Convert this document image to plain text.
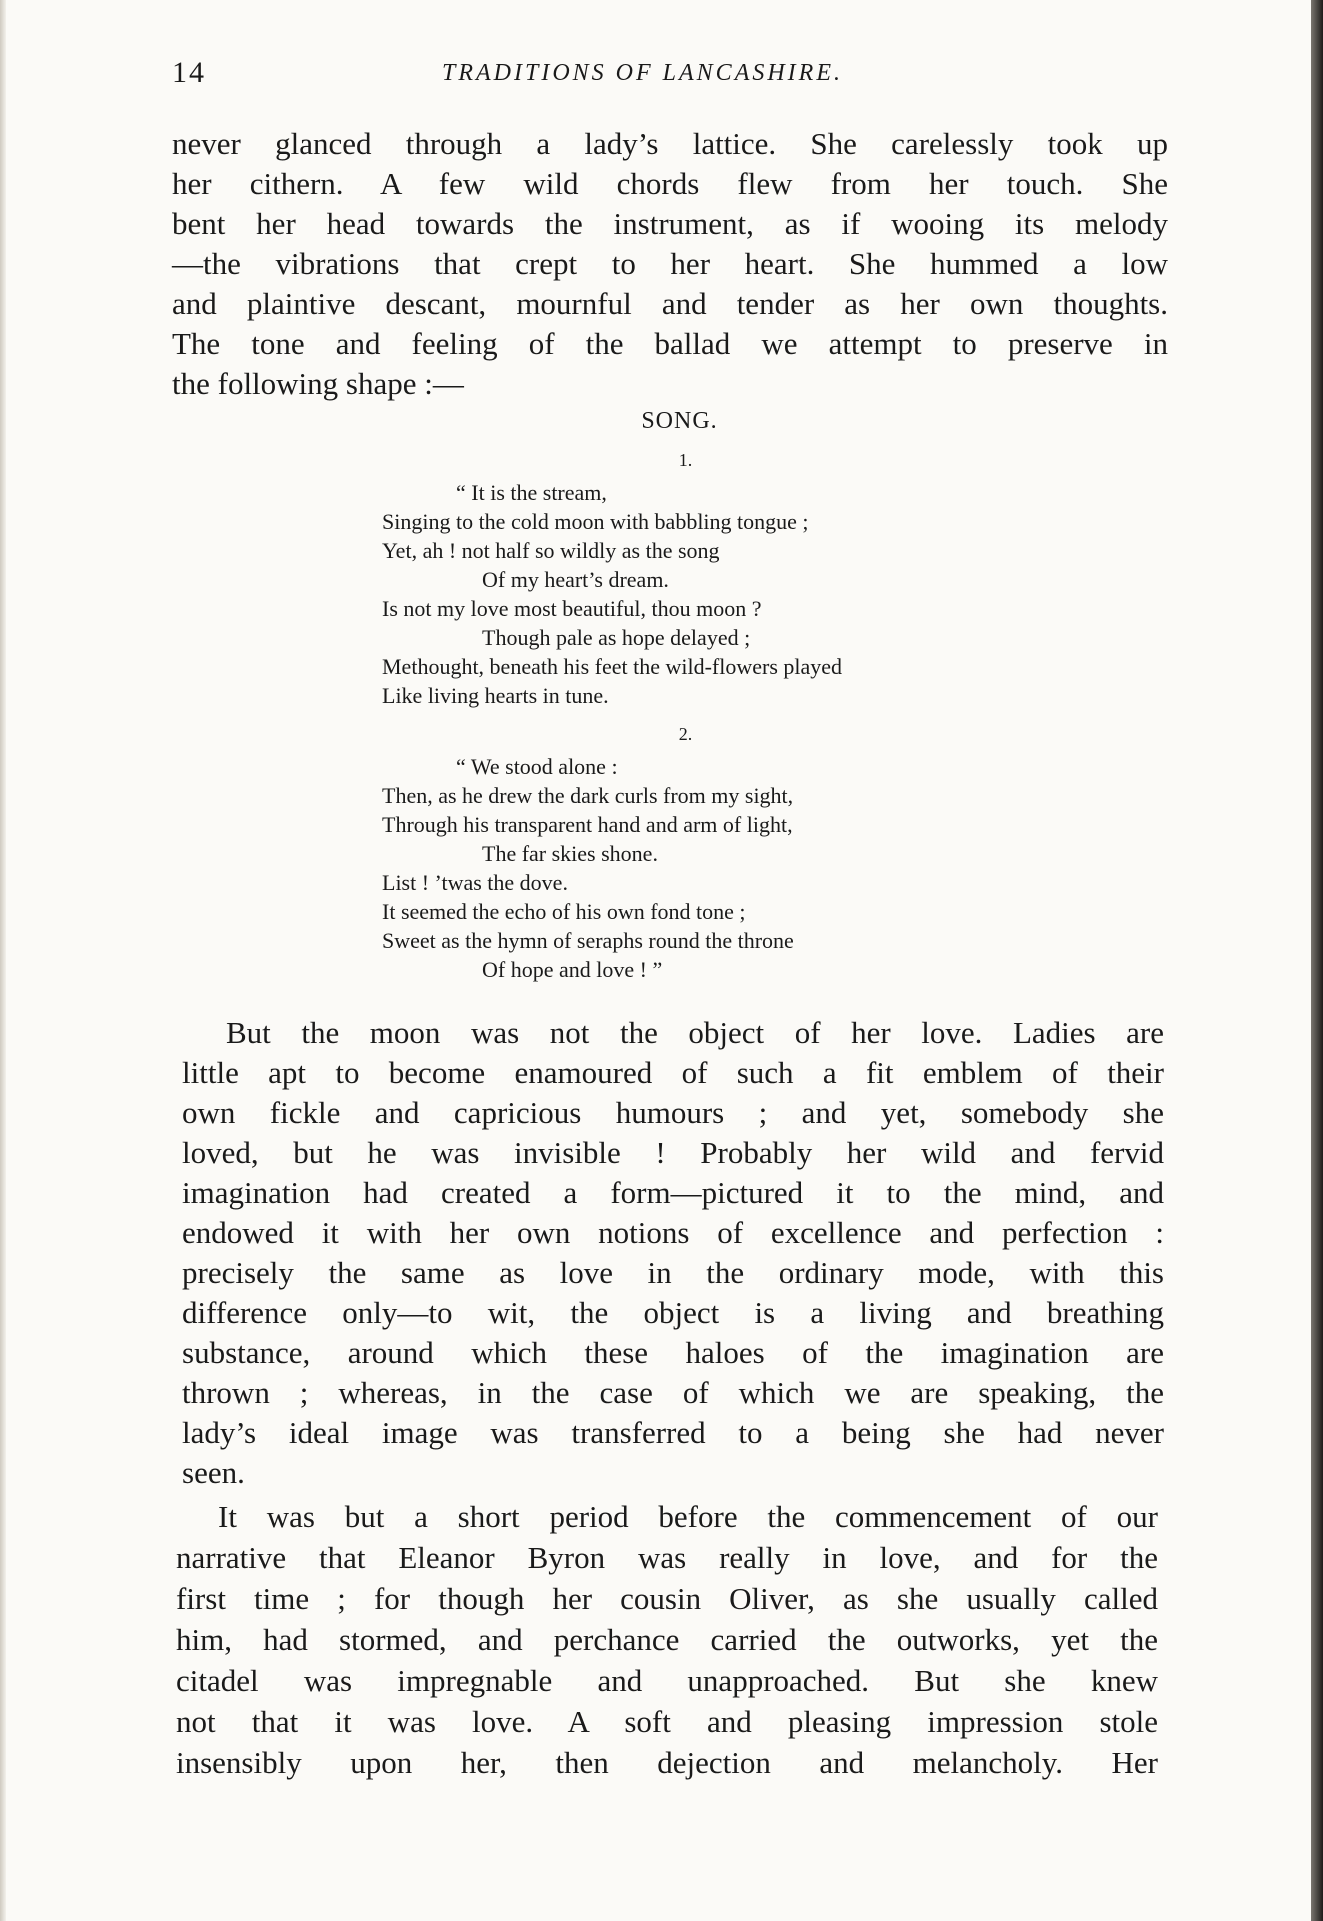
14	TRADITIONS OF LANCASHIRE.

never glanced through a lady’s lattice. She carelessly took up

her cithern. A few wild chords flew from her touch. She

bent her head towards the instrument, as if wooing its melody

—the vibrations that crept to her heart. She hummed a low

and plaintive descant, mournful and tender as her own thoughts.

The tone and feeling of the ballad we attempt to preserve in

the following shape :—

SONG.
1.
“ It is the stream,
Singing to the cold moon with babbling tongue ;
Yet, ah ! not half so wildly as the song
Of my heart’s dream.
Is not my love most beautiful, thou moon ?
Though pale as hope delayed ;
Methought, beneath his feet the wild-flowers played
Like living hearts in tune.
2.
“ We stood alone :
Then, as he drew the dark curls from my sight,
Through his transparent hand and arm of light,
The far skies shone.
List ! ’twas the dove.
It seemed the echo of his own fond tone ;
Sweet as the hymn of seraphs round the throne
Of hope and love ! ”

But the moon was not the object of her love. Ladies are

little apt to become enamoured of such a fit emblem of their

own fickle and capricious humours ; and yet, somebody she

loved, but he was invisible ! Probably her wild and fervid

imagination had created a form—pictured it to the mind, and

endowed it with her own notions of excellence and perfection :

precisely the same as love in the ordinary mode, with this

difference only—to wit, the object is a living and breathing

substance, around which these haloes of the imagination are

thrown ; whereas, in the case of which we are speaking, the

lady’s ideal image was transferred to a being she had never

seen.

It was but a short period before the commencement of our

narrative that Eleanor Byron was really in love, and for the

first time ; for though her cousin Oliver, as she usually called

him, had stormed, and perchance carried the outworks, yet the

citadel was impregnable and unapproached. But she knew

not that it was love. A soft and pleasing impression stole

insensibly upon her, then dejection and melancholy. Her
